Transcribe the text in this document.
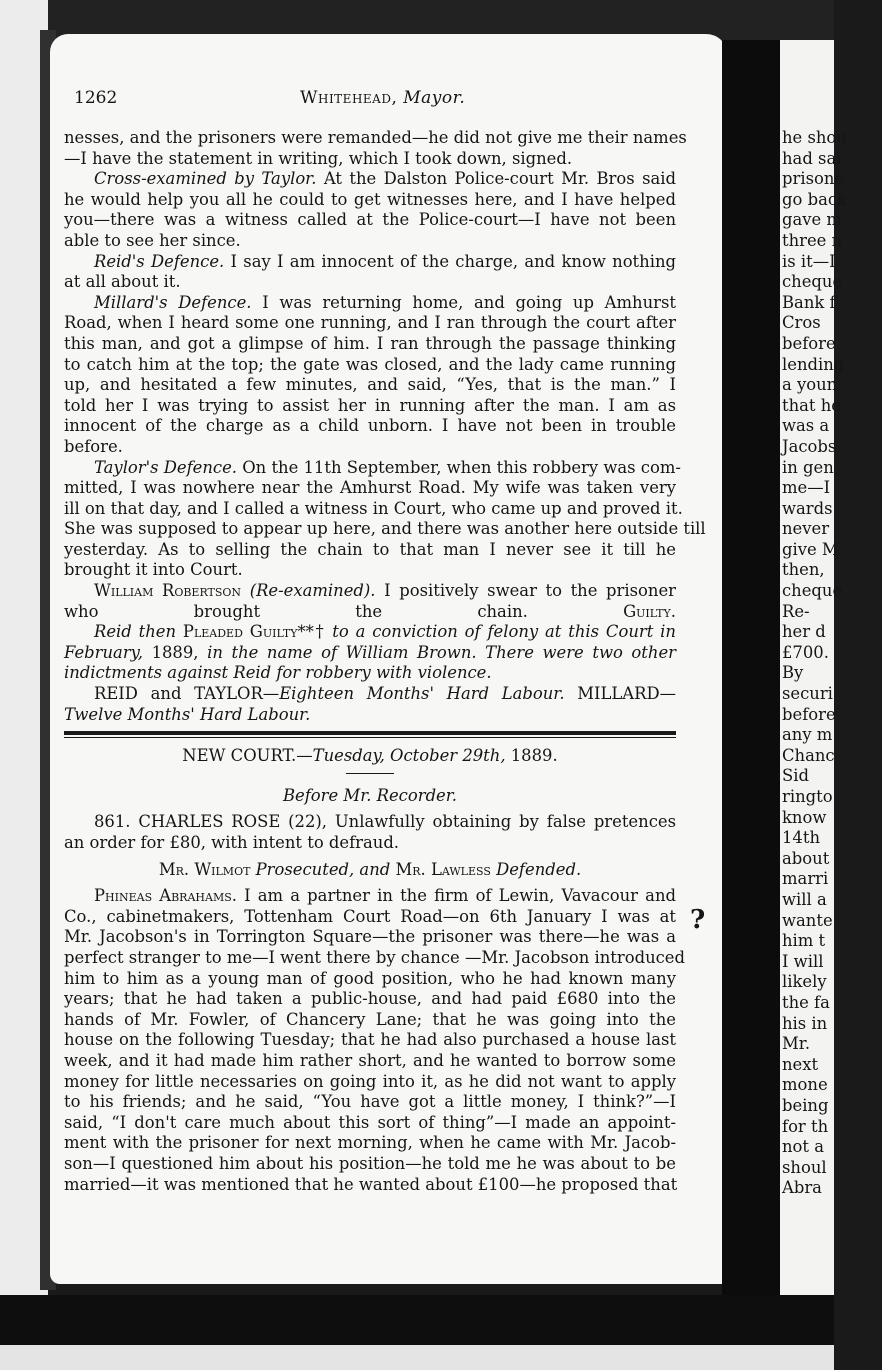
he shou
had sai
prisone
go back
gave m
three n
is it—I
cheque
Bank f
Cros
before
lending
a youn
that he
was a
Jacobs
in gen
me—I
wards
never
give M
then,
cheque
Re-
her d
£700.
By
securi
before
any m
Chanc
Sid
ringto
know
14th
about
marri
will a
wante
him t
I will
likely
the fa
his in
Mr.
next
mone
being
for th
not a
shoul
Abra
1262	Whitehead, Mayor.
nesses, and the prisoners were remanded—he did not give me their names
—I have the statement in writing, which I took down, signed.
Cross-examined by Taylor. At the Dalston Police-court Mr. Bros said
he would help you all he could to get witnesses here, and I have helped
you—there was a witness called at the Police-court—I have not been
able to see her since.
Reid's Defence. I say I am innocent of the charge, and know nothing
at all about it.
Millard's Defence. I was returning home, and going up Amhurst
Road, when I heard some one running, and I ran through the court after
this man, and got a glimpse of him. I ran through the passage thinking
to catch him at the top; the gate was closed, and the lady came running
up, and hesitated a few minutes, and said, “Yes, that is the man.” I
told her I was trying to assist her in running after the man. I am as
innocent of the charge as a child unborn. I have not been in trouble
before.
Taylor's Defence. On the 11th September, when this robbery was com-
mitted, I was nowhere near the Amhurst Road. My wife was taken very
ill on that day, and I called a witness in Court, who came up and proved it.
She was supposed to appear up here, and there was another here outside till
yesterday. As to selling the chain to that man I never see it till he
brought it into Court.
William Robertson (Re-examined). I positively swear to the prisoner
who brought the chain.	Guilty.
Reid then Pleaded Guilty**† to a conviction of felony at this Court in
February, 1889, in the name of William Brown. There were two other
indictments against Reid for robbery with violence.
REID and TAYLOR—Eighteen Months' Hard Labour. MILLARD—
Twelve Months' Hard Labour.
NEW COURT.—Tuesday, October 29th, 1889.
Before Mr. Recorder.
861. CHARLES ROSE (22), Unlawfully obtaining by false pretences
an order for £80, with intent to defraud.
Mr. Wilmot Prosecuted, and Mr. Lawless Defended.
Phineas Abrahams. I am a partner in the firm of Lewin, Vavacour and
Co., cabinetmakers, Tottenham Court Road—on 6th January I was at
Mr. Jacobson's in Torrington Square—the prisoner was there—he was a
perfect stranger to me—I went there by chance —Mr. Jacobson introduced
him to him as a young man of good position, who he had known many
years; that he had taken a public-house, and had paid £680 into the
hands of Mr. Fowler, of Chancery Lane; that he was going into the
house on the following Tuesday; that he had also purchased a house last
week, and it had made him rather short, and he wanted to borrow some
money for little necessaries on going into it, as he did not want to apply
to his friends; and he said, “You have got a little money, I think?”—I
said, “I don't care much about this sort of thing”—I made an appoint-
ment with the prisoner for next morning, when he came with Mr. Jacob-
son—I questioned him about his position—he told me he was about to be
married—it was mentioned that he wanted about £100—he proposed that
?
